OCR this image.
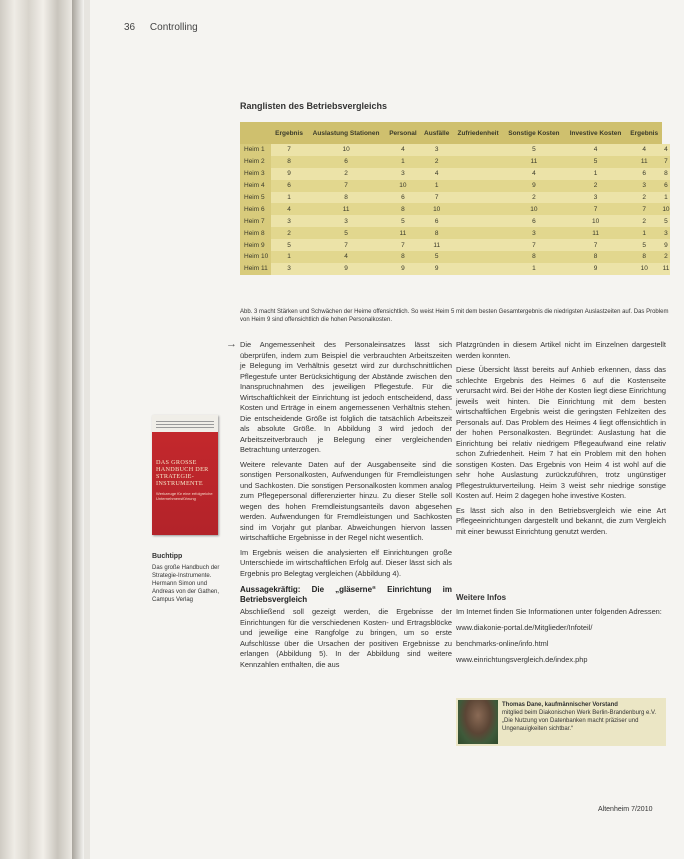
36 Controlling
Ranglisten des Betriebsvergleichs
	Ergebnis	Auslastung Stationen	Personal	Ausfälle	Zufriedenheit	Sonstige Kosten	Investive Kosten	Ergebnis	
Heim 1	7	10	4	3		5	4	4	4
Heim 2	8	6	1	2		11	5	11	7
Heim 3	9	2	3	4		4	1	6	8
Heim 4	6	7	10	1		9	2	3	6
Heim 5	1	8	6	7		2	3	2	1
Heim 6	4	11	8	10		10	7	7	10
Heim 7	3	3	5	6		6	10	2	5
Heim 8	2	5	11	8		3	11	1	3
Heim 9	5	7	7	11		7	7	5	9
Heim 10	1	4	8	5		8	8	8	2
Heim 11	3	9	9	9		1	9	10	11
Abb. 3 macht Stärken und Schwächen der Heime offensichtlich. So weist Heim 5 mit dem besten Gesamtergebnis die niedrigsten Auslastzeiten auf. Das Problem von Heim 9 sind offensichtlich die hohen Personalkosten.
→ Die Angemessenheit des Personaleinsatzes lässt sich überprüfen, indem zum Beispiel die verbrauchten Arbeitszeiten je Belegung im Verhältnis gesetzt wird zur durchschnittlichen Pflegestufe unter Berücksichtigung der Abstände zwischen den Inanspruchnahmen des jeweiligen Pflegestufe. Für die Wirtschaftlichkeit der Einrichtung ist jedoch entscheidend, dass Kosten und Erträge in einem angemessenen Verhältnis stehen. Die entscheidende Größe ist folglich die tatsächlich Arbeitszeit als absolute Größe. In Abbildung 3 wird jedoch der Arbeitszeitverbrauch je Belegung einer vergleichenden Betrachtung unterzogen.

Weitere relevante Daten auf der Ausgabenseite sind die sonstigen Personalkosten, Aufwendungen für Fremdleistungen und Sachkosten. Die sonstigen Personalkosten kommen analog zum Pflegepersonal differenzierter hinzu. Zu dieser Stelle soll wegen des hohen Fremdleistungsanteils davon abgesehen werden. Aufwendungen für Fremdleistungen und Sachkosten sind im Vorjahr gut planbar. Abweichungen hiervon lassen wirtschaftliche Ergebnisse in der Regel nicht wesentlich.

Im Ergebnis weisen die analysierten elf Einrichtungen große Unterschiede im wirtschaftlichen Erfolg auf. Dieser lässt sich als Ergebnis pro Belegtag vergleichen (Abbildung 4).

Aussagekräftig: Die „gläserne“ Einrichtung im Betriebsvergleich

Abschließend soll gezeigt werden, die Ergebnisse der Einrichtungen für die verschiedenen Kosten- und Ertragsblöcke und jeweilige eine Rangfolge zu bringen, um so erste Aufschlüsse über die Ursachen der positiven Ergebnisse zu erlangen (Abbildung 5). In der Abbildung sind weitere Kennzahlen enthalten, die aus

Platzgründen in diesem Artikel nicht im Einzelnen dargestellt werden konnten.

Diese Übersicht lässt bereits auf Anhieb erkennen, dass das schlechte Ergebnis des Heimes 6 auf die Kostenseite verursacht wird. Bei der Höhe der Kosten liegt diese Einrichtung jeweils weit hinten. Die Einrichtung mit dem besten wirtschaftlichen Ergebnis weist die geringsten Fehlzeiten des Personals auf. Das Problem des Heimes 4 liegt offensichtlich in der hohen Personalkosten. Begründet: Auslastung hat die Einrichtung bei relativ niedrigem Pflegeaufwand eine relativ schon Zufriedenheit. Heim 7 hat ein Problem mit den hohen sonstigen Kosten. Das Ergebnis von Heim 4 ist wohl auf die sehr hohe Auslastung zurückzuführen, trotz ungünstiger Pflegestrukturverteilung. Heim 3 weist sehr niedrige sonstige Kosten auf. Heim 2 dagegen hohe investive Kosten.

Es lässt sich also in den Betriebsvergleich wie eine Art Pflegeeinrichtungen dargestellt und bekannt, die zum Vergleich mit einer bewusst Einrichtung genutzt werden.

DAS GROSSE HANDBUCH DER STRATEGIE-INSTRUMENTE
Werkzeuge für eine erfolgreiche Unternehmensführung
Buchtipp
Das große Handbuch der Strategie-Instrumente. Hermann Simon und Andreas von der Gathen, Campus Verlag	Weitere Infos
Im Internet finden Sie Informationen unter folgenden Adressen:
www.diakonie-portal.de/Mitglieder/Infoteil/
benchmarks-online/info.html
www.einrichtungsvergleich.de/index.php
Thomas Dane, kaufmännischer Vorstand
mitglied beim Diakonischen Werk Berlin-Brandenburg e.V.
„Die Nutzung von Datenbanken macht präziser und Ungenauigkeiten sichtbar.“
Altenheim 7/2010
